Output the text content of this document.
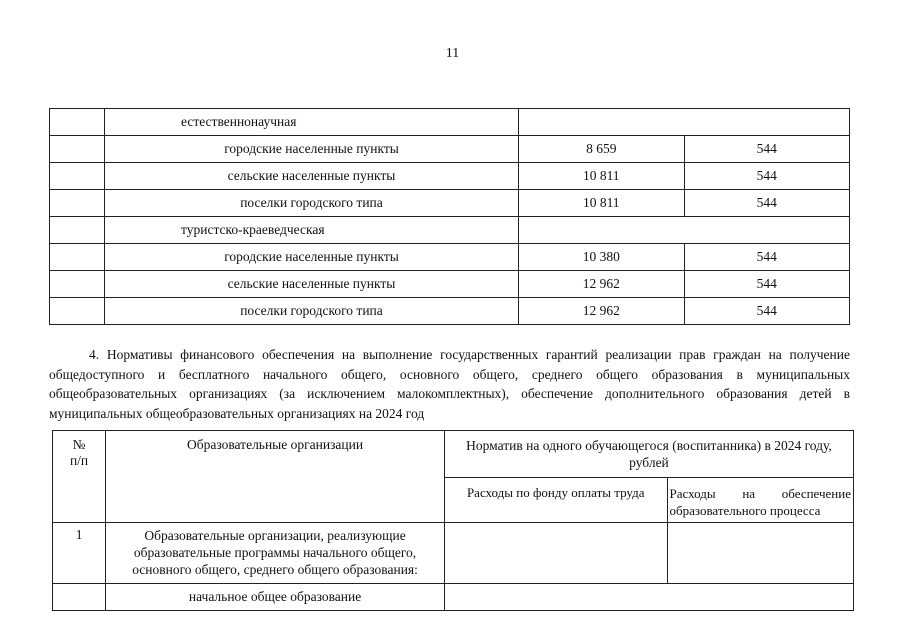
11
	естественнонаучная		
	городские населенные пункты	8 659	544
	сельские населенные пункты	10 811	544
	поселки городского типа	10 811	544
	туристско-краеведческая		
	городские населенные пункты	10 380	544
	сельские населенные пункты	12 962	544
	поселки городского типа	12 962	544

4. Нормативы финансового обеспечения на выполнение государственных гарантий реализации прав граждан на получение общедоступного и бесплатного начального общего, основного общего, среднего общего образования в муниципальных общеобразовательных организациях (за исключением малокомплектных), обеспечение дополнительного образования детей в муниципальных общеобразовательных организациях на 2024 год

№
п/п	Образовательные организации	Норматив на одного обучающегося (воспитанника) в 2024 году, рублей	
		Расходы по фонду оплаты труда	Расходы на обеспечение
образовательного процесса

1	Образовательные организации, реализующие образовательные программы начального общего, основного общего, среднего общего образования:		
	начальное общее образование		
